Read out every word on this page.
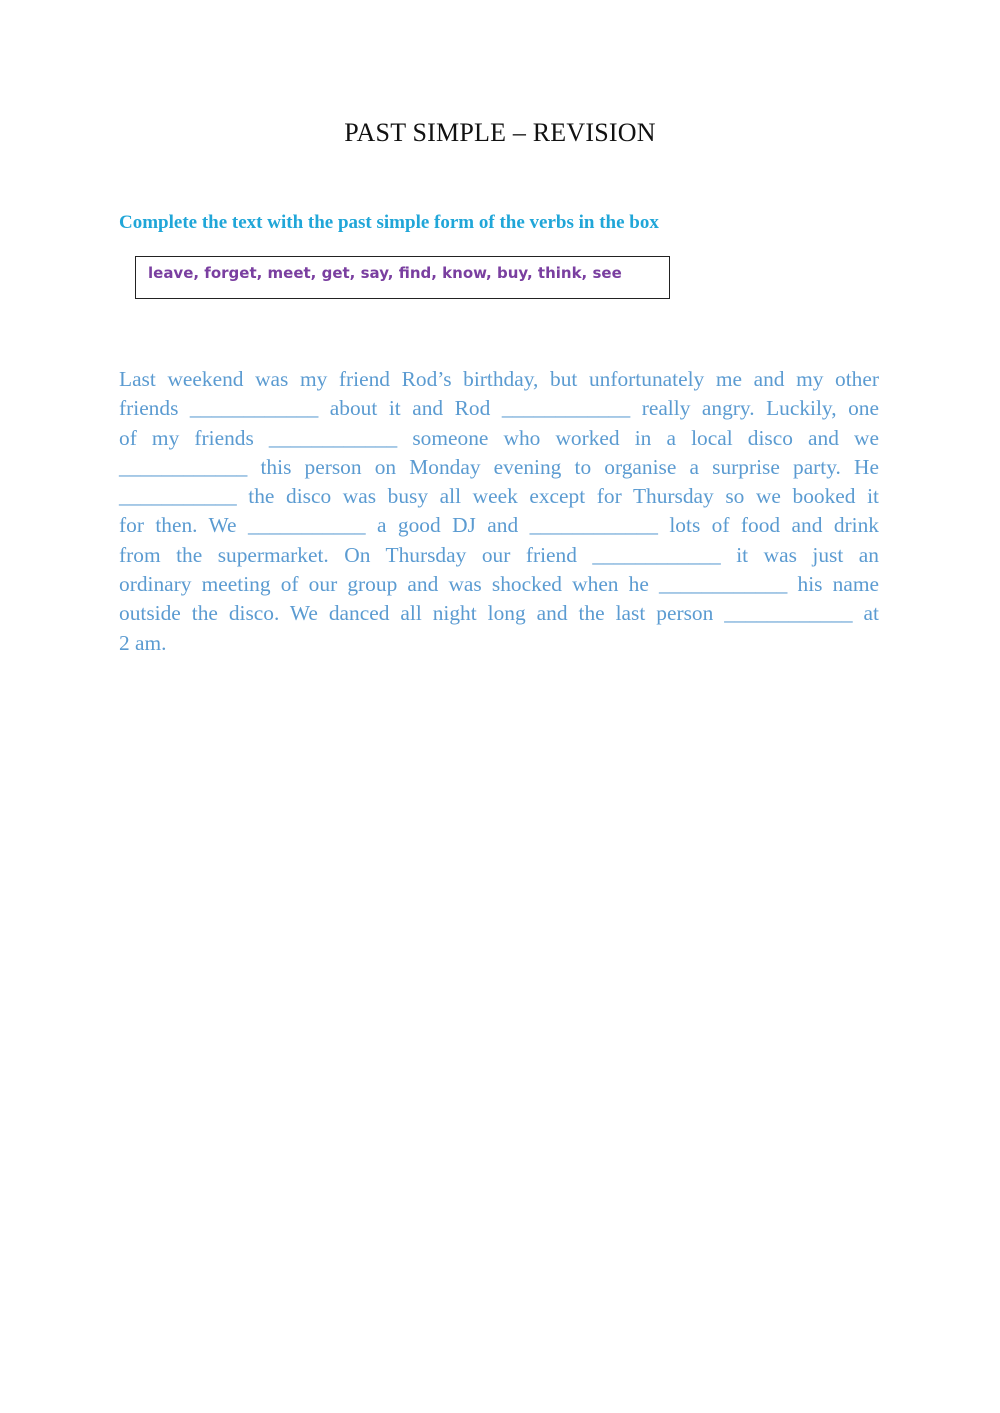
PAST SIMPLE – REVISION
Complete the text with the past simple form of the verbs in the box
leave, forget, meet, get, say, find, know, buy, think, see
Last weekend was my friend Rod’s birthday, but unfortunately me and my other
friends ____________ about it and Rod ____________ really angry. Luckily, one
of my friends ____________ someone who worked in a local disco and we
____________ this person on Monday evening to organise a surprise party. He
___________ the disco was busy all week except for Thursday so we booked it
for then. We ___________ a good DJ and ____________ lots of food and drink
from the supermarket. On Thursday our friend ____________ it was just an
ordinary meeting of our group and was shocked when he ____________ his name
outside the disco. We danced all night long and the last person ____________ at
2 am.
